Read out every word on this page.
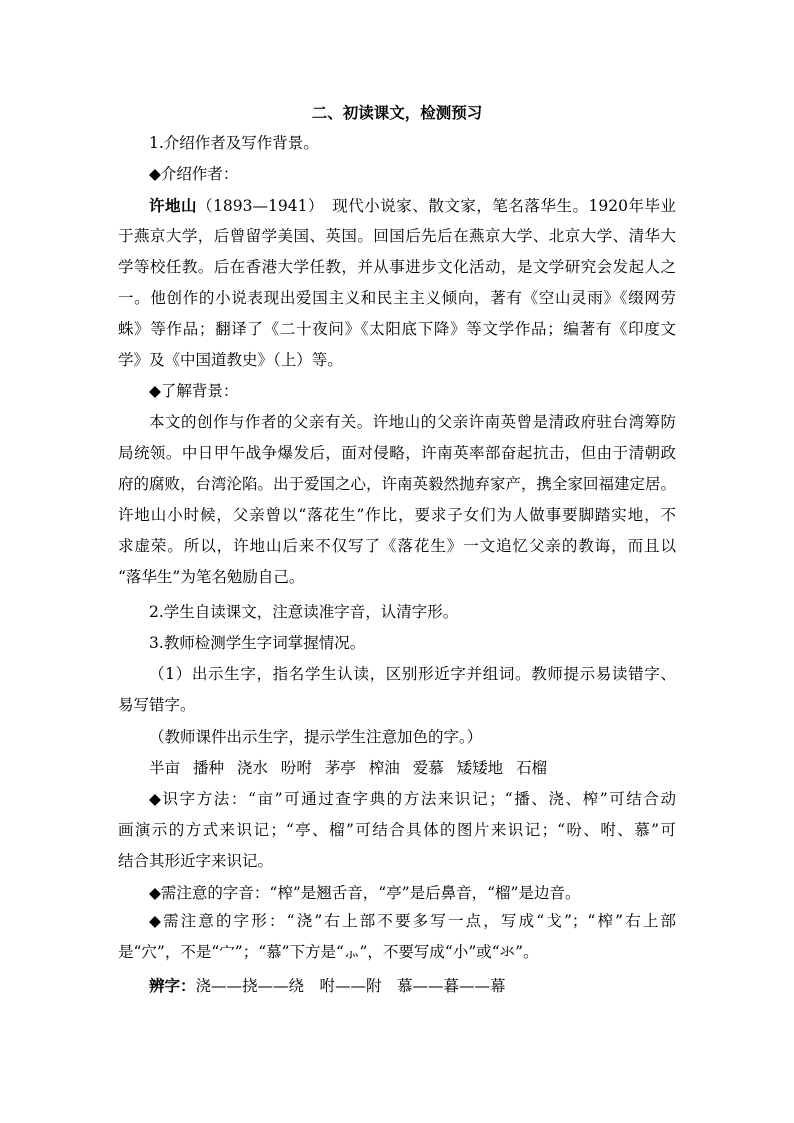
二、初读课文，检测预习
1.介绍作者及写作背景。
◆介绍作者：
许地山（1893—1941）　现代小说家、散文家，笔名落华生。1920年毕业
于燕京大学，后曾留学美国、英国。回国后先后在燕京大学、北京大学、清华大
学等校任教。后在香港大学任教，并从事进步文化活动，是文学研究会发起人之
一。他创作的小说表现出爱国主义和民主主义倾向，著有《空山灵雨》《缀网劳
蛛》等作品；翻译了《二十夜问》《太阳底下降》等文学作品；编著有《印度文
学》及《中国道教史》（上）等。
◆了解背景：
本文的创作与作者的父亲有关。许地山的父亲许南英曾是清政府驻台湾筹防
局统领。中日甲午战争爆发后，面对侵略，许南英率部奋起抗击，但由于清朝政
府的腐败，台湾沦陷。出于爱国之心，许南英毅然抛弃家产，携全家回福建定居。
许地山小时候，父亲曾以“落花生”作比，要求子女们为人做事要脚踏实地，不
求虚荣。所以，许地山后来不仅写了《落花生》一文追忆父亲的教诲，而且以
“落华生”为笔名勉励自己。
2.学生自读课文，注意读准字音，认清字形。
3.教师检测学生字词掌握情况。
（1）出示生字，指名学生认读，区别形近字并组词。教师提示易读错字、
易写错字。
（教师课件出示生字，提示学生注意加色的字。）
半亩 播种 浇水 吩咐 茅亭 榨油 爱慕 矮矮地 石榴
◆识字方法：“亩”可通过查字典的方法来识记；“播、浇、榨”可结合动
画演示的方式来识记；“亭、榴”可结合具体的图片来识记；“吩、咐、慕”可
结合其形近字来识记。
◆需注意的字音：“榨”是翘舌音，“亭”是后鼻音，“榴”是边音。
◆需注意的字形：“浇”右上部不要多写一点，写成“戈”；“榨”右上部
是“穴”，不是“宀”；“慕”下方是“⺗”，不要写成“小”或“氺”。
辨字：浇——挠——绕　咐——附　慕——暮——幕
